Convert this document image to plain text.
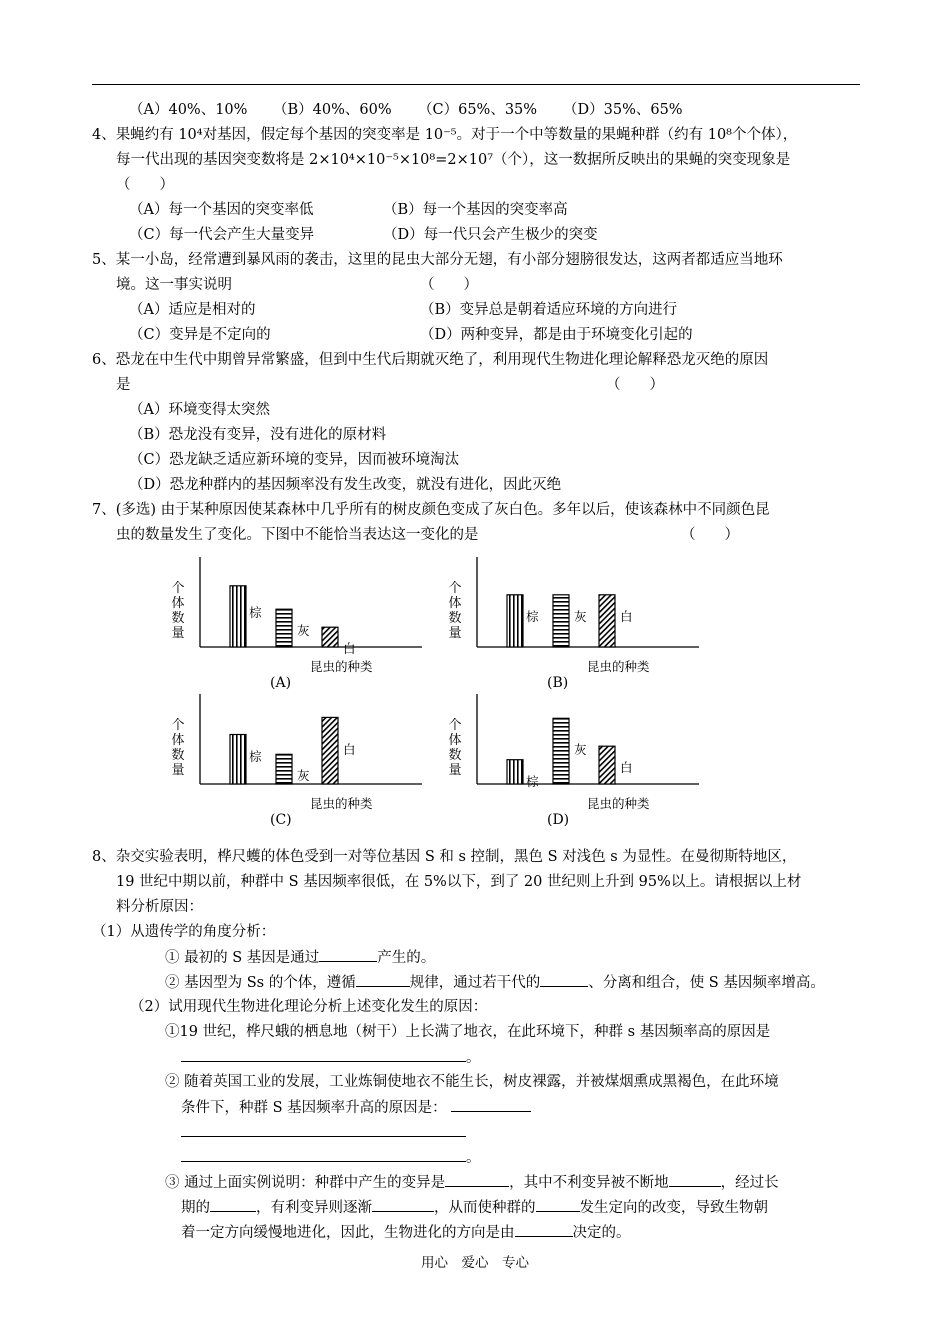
（A）40%、10% （B）40%、60% （C）65%、35% （D）35%、65%
4、果蝇约有 10⁴对基因，假定每个基因的突变率是 10⁻⁵。对于一个中等数量的果蝇种群（约有 10⁸个个体），
每一代出现的基因突变数将是 2×10⁴×10⁻⁵×10⁸=2×10⁷（个），这一数据所反映出的果蝇的突变现象是
（　　）
（A）每一个基因的突变率低	（B）每一个基因的突变率高
（C）每一代会产生大量变异	（D）每一代只会产生极少的突变
5、某一小岛，经常遭到暴风雨的袭击，这里的昆虫大部分无翅，有小部分翅膀很发达，这两者都适应当地环
境。这一事实说明	（　　）
（A）适应是相对的	（B）变异总是朝着适应环境的方向进行
（C）变异是不定向的	（D）两种变异，都是由于环境变化引起的
6、恐龙在中生代中期曾异常繁盛，但到中生代后期就灭绝了，利用现代生物进化理论解释恐龙灭绝的原因
是	（　　）
（A）环境变得太突然
（B）恐龙没有变异，没有进化的原材料
（C）恐龙缺乏适应新环境的变异，因而被环境淘汰
（D）恐龙种群内的基因频率没有发生改变，就没有进化，因此灭绝
7、(多选) 由于某种原因使某森林中几乎所有的树皮颜色变成了灰白色。多年以后，使该森林中不同颜色昆
虫的数量发生了变化。下图中不能恰当表达这一变化的是	（　　）
个体数量
昆虫的种类
(A)
棕
灰
白
个体数量
昆虫的种类
(B)
棕	灰	白
个体数量
昆虫的种类
(C)
棕
灰
白
个体数量
昆虫的种类
(D)
棕
灰
白
8、杂交实验表明，桦尺蠖的体色受到一对等位基因 S 和 s 控制，黑色 S 对浅色 s 为显性。在曼彻斯特地区，
19 世纪中期以前，种群中 S 基因频率很低，在 5%以下，到了 20 世纪则上升到 95%以上。请根据以上材
料分析原因：
（1）从遗传学的角度分析：
① 最初的 S 基因是通过	产生的。
② 基因型为 Ss 的个体，遵循	规律，通过若干代的	、分离和组合，使 S 基因频率增高。
（2）试用现代生物进化理论分析上述变化发生的原因：
①19 世纪，桦尺蛾的栖息地（树干）上长满了地衣，在此环境下，种群 s 基因频率高的原因是
。
② 随着英国工业的发展，工业炼铜使地衣不能生长，树皮裸露，并被煤烟熏成黑褐色，在此环境
条件下，种群 S 基因频率升高的原因是：
。
③ 通过上面实例说明：种群中产生的变异是	，其中不利变异被不断地	，经过长
期的	，有利变异则逐渐	，从而使种群的	发生定向的改变，导致生物朝
着一定方向缓慢地进化，因此，生物进化的方向是由	决定的。
用心　爱心　专心
